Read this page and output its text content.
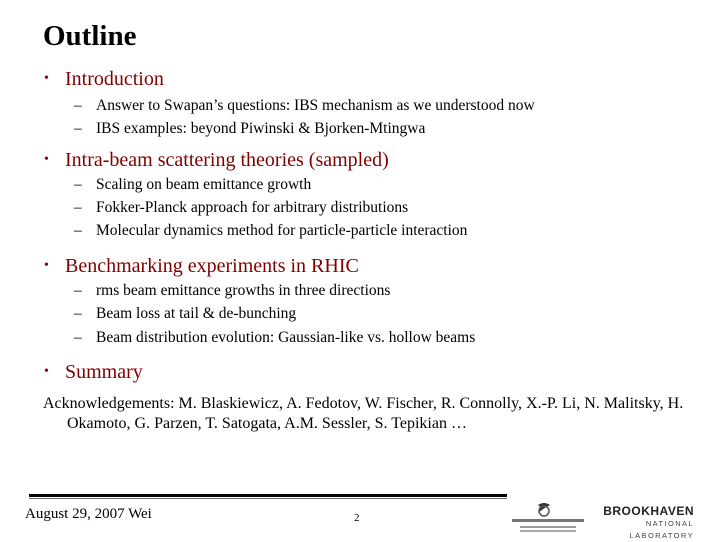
Outline
• Introduction
– Answer to Swapan’s questions: IBS mechanism as we understood now
– IBS examples: beyond Piwinski & Bjorken-Mtingwa
• Intra-beam scattering theories (sampled)
– Scaling on beam emittance growth
– Fokker-Planck approach for arbitrary distributions
– Molecular dynamics method for particle-particle interaction
• Benchmarking experiments in RHIC
– rms beam emittance growths in three directions
– Beam loss at tail & de-bunching
– Beam distribution evolution: Gaussian-like vs. hollow beams
• Summary
Acknowledgements: M. Blaskiewicz, A. Fedotov, W. Fischer, R. Connolly, X.-P. Li, N. Malitsky, H. Okamoto, G. Parzen, T. Satogata, A.M. Sessler, S. Tepikian …
August 29, 2007 Wei	2	BROOKHAVEN
NATIONAL LABORATORY
